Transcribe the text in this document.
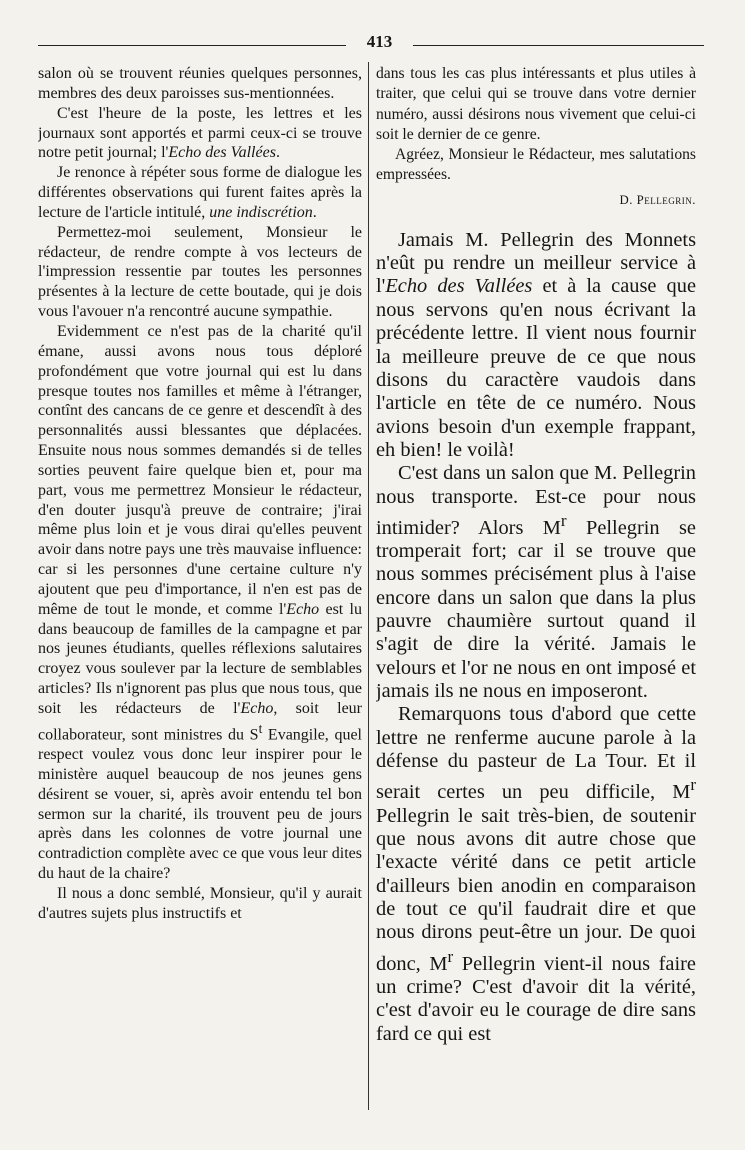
413

salon où se trouvent réunies quelques personnes, membres des deux paroisses sus-mentionnées.

C'est l'heure de la poste, les lettres et les journaux sont apportés et parmi ceux-ci se trouve notre petit journal; l'Echo des Vallées.

Je renonce à répéter sous forme de dialogue les différentes observations qui furent faites après la lecture de l'article intitulé, une indiscrétion.

Permettez-moi seulement, Monsieur le rédacteur, de rendre compte à vos lecteurs de l'impression ressentie par toutes les personnes présentes à la lecture de cette boutade, qui je dois vous l'avouer n'a rencontré aucune sympathie.

Evidemment ce n'est pas de la charité qu'il émane, aussi avons nous tous déploré profondément que votre journal qui est lu dans presque toutes nos familles et même à l'étranger, contînt des cancans de ce genre et descendît à des personnalités aussi blessantes que déplacées. Ensuite nous nous sommes demandés si de telles sorties peuvent faire quelque bien et, pour ma part, vous me permettrez Monsieur le rédacteur, d'en douter jusqu'à preuve de contraire; j'irai même plus loin et je vous dirai qu'elles peuvent avoir dans notre pays une très mauvaise influence: car si les personnes d'une certaine culture n'y ajoutent que peu d'importance, il n'en est pas de même de tout le monde, et comme l'Echo est lu dans beaucoup de familles de la campagne et par nos jeunes étudiants, quelles réflexions salutaires croyez vous soulever par la lecture de semblables articles? Ils n'ignorent pas plus que nous tous, que soit les rédacteurs de l'Echo, soit leur collaborateur, sont ministres du $S^t$ Evangile, quel respect voulez vous donc leur inspirer pour le ministère auquel beaucoup de nos jeunes gens désirent se vouer, si, après avoir entendu tel bon sermon sur la charité, ils trouvent peu de jours après dans les colonnes de votre journal une contradiction complète avec ce que vous leur dites du haut de la chaire?

Il nous a donc semblé, Monsieur, qu'il y aurait d'autres sujets plus instructifs et

dans tous les cas plus intéressants et plus utiles à traiter, que celui qui se trouve dans votre dernier numéro, aussi désirons nous vivement que celui-ci soit le dernier de ce genre.

Agréez, Monsieur le Rédacteur, mes salutations empressées.

D. Pellegrin.

Jamais M. Pellegrin des Monnets n'eût pu rendre un meilleur service à l'Echo des Vallées et à la cause que nous servons qu'en nous écrivant la précédente lettre. Il vient nous fournir la meilleure preuve de ce que nous disons du caractère vaudois dans l'article en tête de ce numéro. Nous avions besoin d'un exemple frappant, eh bien! le voilà!

C'est dans un salon que M. Pellegrin nous transporte. Est-ce pour nous intimider? Alors $M^r$ Pellegrin se tromperait fort; car il se trouve que nous sommes précisément plus à l'aise encore dans un salon que dans la plus pauvre chaumière surtout quand il s'agit de dire la vérité. Jamais le velours et l'or ne nous en ont imposé et jamais ils ne nous en imposeront.

Remarquons tous d'abord que cette lettre ne renferme aucune parole à la défense du pasteur de La Tour. Et il serait certes un peu difficile, $M^r$ Pellegrin le sait très-bien, de soutenir que nous avons dit autre chose que l'exacte vérité dans ce petit article d'ailleurs bien anodin en comparaison de tout ce qu'il faudrait dire et que nous dirons peut-être un jour. De quoi donc, $M^r$ Pellegrin vient-il nous faire un crime? C'est d'avoir dit la vérité, c'est d'avoir eu le courage de dire sans fard ce qui est
